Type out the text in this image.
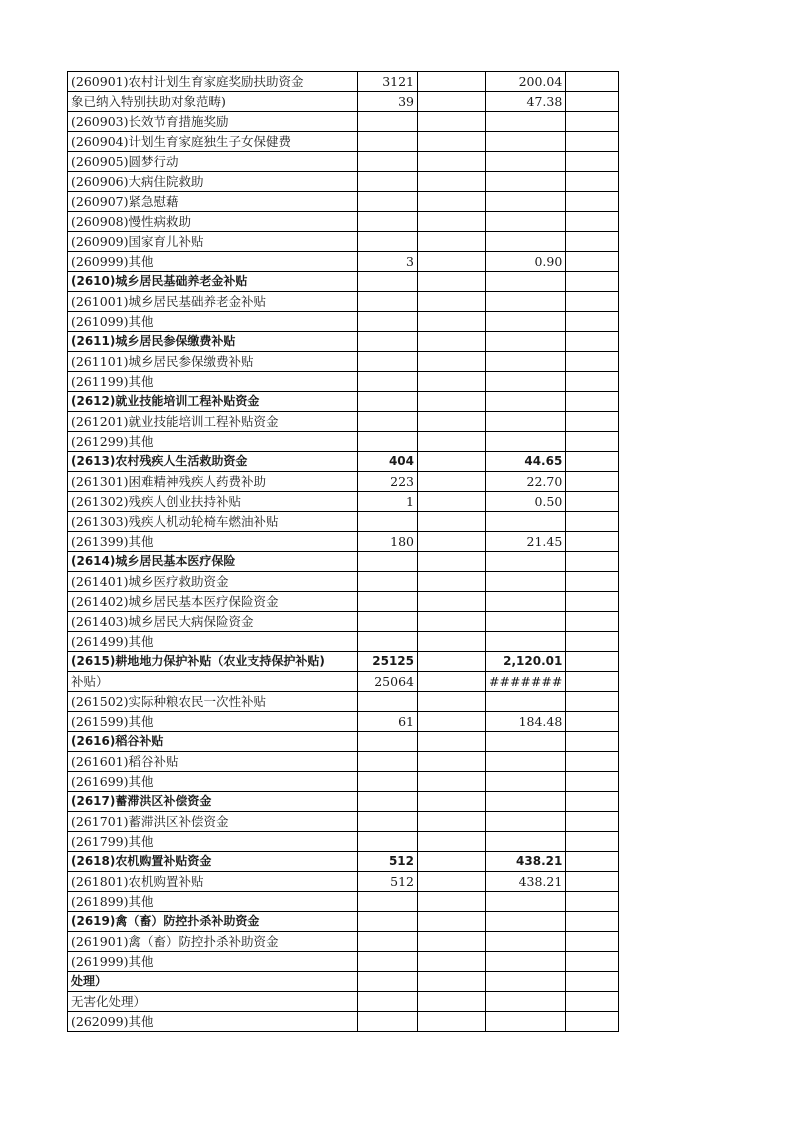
(260901)农村计划生育家庭奖励扶助资金	3121		200.04	
象已纳入特别扶助对象范畴)	39		47.38	
(260903)长效节育措施奖励				
(260904)计划生育家庭独生子女保健费				
(260905)圆梦行动				
(260906)大病住院救助				
(260907)紧急慰藉				
(260908)慢性病救助				
(260909)国家育儿补贴				
(260999)其他	3		0.90	
(2610)城乡居民基础养老金补贴				
(261001)城乡居民基础养老金补贴				
(261099)其他				
(2611)城乡居民参保缴费补贴				
(261101)城乡居民参保缴费补贴				
(261199)其他				
(2612)就业技能培训工程补贴资金				
(261201)就业技能培训工程补贴资金				
(261299)其他				
(2613)农村残疾人生活救助资金	404		44.65	
(261301)困难精神残疾人药费补助	223		22.70	
(261302)残疾人创业扶持补贴	1		0.50	
(261303)残疾人机动轮椅车燃油补贴				
(261399)其他	180		21.45	
(2614)城乡居民基本医疗保险				
(261401)城乡医疗救助资金				
(261402)城乡居民基本医疗保险资金				
(261403)城乡居民大病保险资金				
(261499)其他				
(2615)耕地地力保护补贴（农业支持保护补贴)	25125		2,120.01	
补贴）	25064		#######	
(261502)实际种粮农民一次性补贴				
(261599)其他	61		184.48	
(2616)稻谷补贴				
(261601)稻谷补贴				
(261699)其他				
(2617)蓄滞洪区补偿资金				
(261701)蓄滞洪区补偿资金				
(261799)其他				
(2618)农机购置补贴资金	512		438.21	
(261801)农机购置补贴	512		438.21	
(261899)其他				
(2619)禽（畜）防控扑杀补助资金				
(261901)禽（畜）防控扑杀补助资金				
(261999)其他				
处理）				
无害化处理）				
(262099)其他				
